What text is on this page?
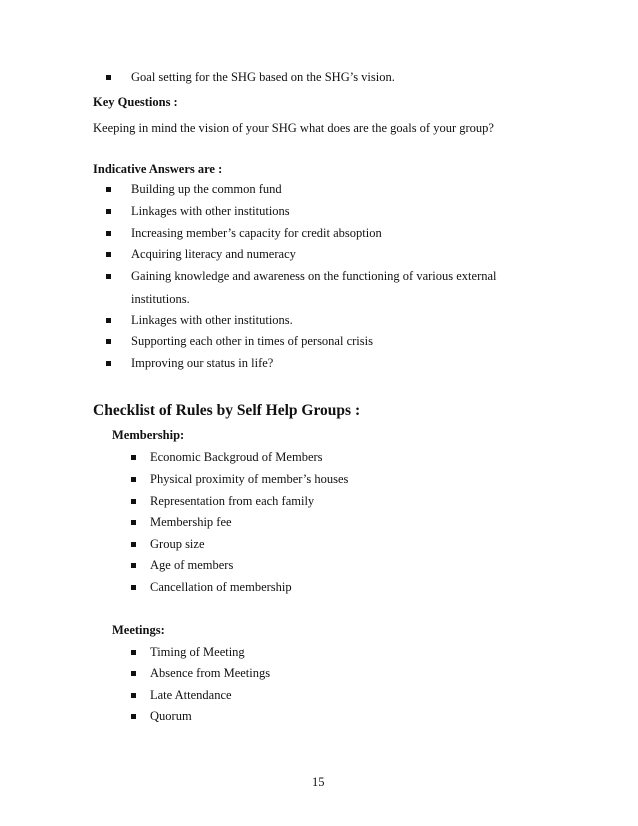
Goal setting for the SHG based on the SHG’s vision.
Key Questions :
Keeping in mind the vision of your SHG what does are the goals of your group?
Indicative Answers are :
Building up the common fund
Linkages with other institutions
Increasing member’s capacity for credit absoption
Acquiring literacy and numeracy
Gaining knowledge and awareness on the functioning of various external
institutions.
Linkages with other institutions.
Supporting each other in times of personal crisis
Improving our status in life?
Checklist of Rules by Self Help Groups :
Membership:
Economic Backgroud of Members
Physical proximity of member’s houses
Representation from each family
Membership fee
Group size
Age of members
Cancellation of membership
Meetings:
Timing of Meeting
Absence from Meetings
Late Attendance
Quorum
15
